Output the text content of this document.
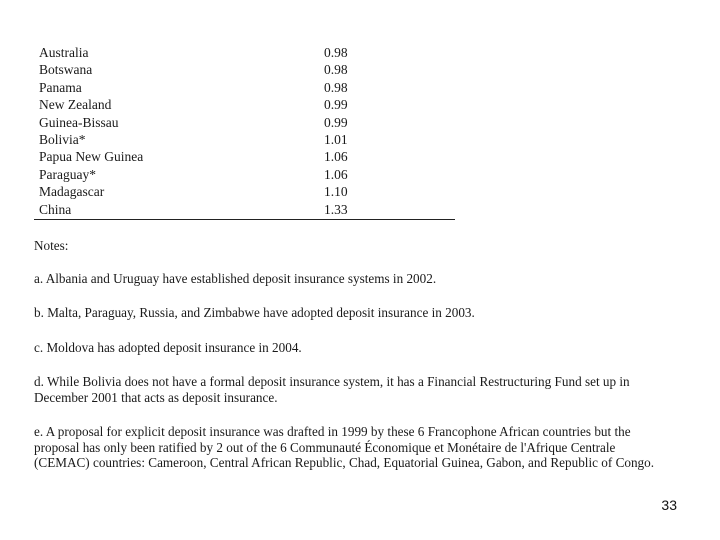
Australia	0.98
Botswana	0.98
Panama	0.98
New Zealand	0.99
Guinea-Bissau	0.99
Bolivia*	1.01
Papua New Guinea	1.06
Paraguay*	1.06
Madagascar	1.10
China	1.33

Notes:

a. Albania and Uruguay have established deposit insurance systems in 2002.

b. Malta, Paraguay, Russia, and Zimbabwe have adopted deposit insurance in 2003.

c. Moldova has adopted deposit insurance in 2004.

d. While Bolivia does not have a formal deposit insurance system, it has a Financial Restructuring Fund set up in

December 2001 that acts as deposit insurance.

e. A proposal for explicit deposit insurance was drafted in 1999 by these 6 Francophone African countries but the

proposal has only been ratified by 2 out of the 6 Communauté Économique et Monétaire de l'Afrique Centrale

(CEMAC) countries: Cameroon, Central African Republic, Chad, Equatorial Guinea, Gabon, and Republic of Congo.

33
